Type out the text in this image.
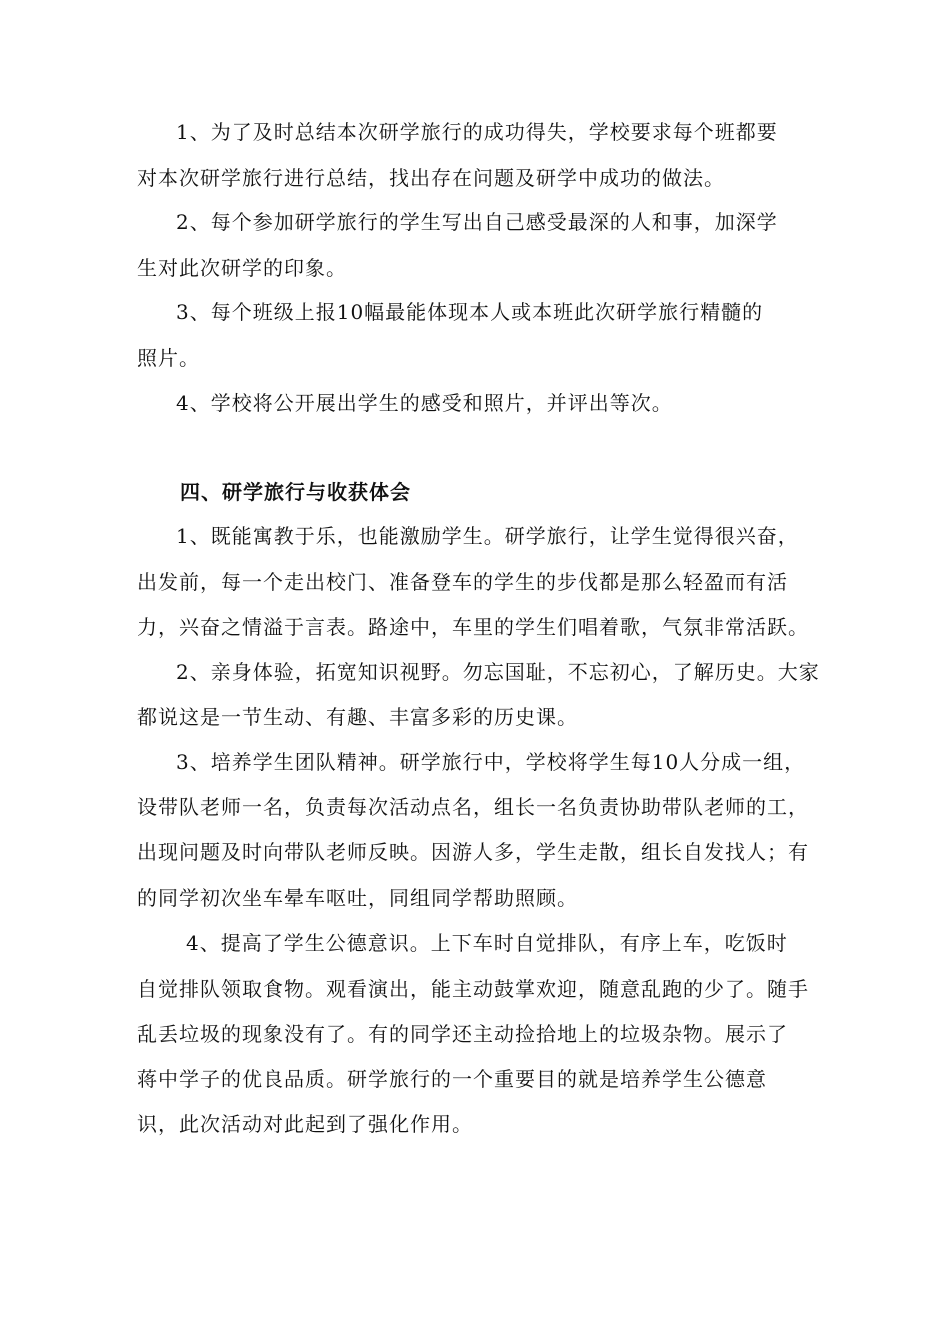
1、为了及时总结本次研学旅行的成功得失，学校要求每个班都要
对本次研学旅行进行总结，找出存在问题及研学中成功的做法。
2、每个参加研学旅行的学生写出自己感受最深的人和事，加深学
生对此次研学的印象。
3、每个班级上报10幅最能体现本人或本班此次研学旅行精髓的
照片。
4、学校将公开展出学生的感受和照片，并评出等次。
四、研学旅行与收获体会
1、既能寓教于乐，也能激励学生。研学旅行，让学生觉得很兴奋，
出发前，每一个走出校门、准备登车的学生的步伐都是那么轻盈而有活
力，兴奋之情溢于言表。路途中，车里的学生们唱着歌，气氛非常活跃。
2、亲身体验，拓宽知识视野。勿忘国耻，不忘初心，了解历史。大家
都说这是一节生动、有趣、丰富多彩的历史课。
3、培养学生团队精神。研学旅行中，学校将学生每10人分成一组，
设带队老师一名，负责每次活动点名，组长一名负责协助带队老师的工，
出现问题及时向带队老师反映。因游人多，学生走散，组长自发找人；有
的同学初次坐车晕车呕吐，同组同学帮助照顾。
4、提高了学生公德意识。上下车时自觉排队，有序上车，吃饭时
自觉排队领取食物。观看演出，能主动鼓掌欢迎，随意乱跑的少了。随手
乱丢垃圾的现象没有了。有的同学还主动捡拾地上的垃圾杂物。展示了
蒋中学子的优良品质。研学旅行的一个重要目的就是培养学生公德意
识，此次活动对此起到了强化作用。
